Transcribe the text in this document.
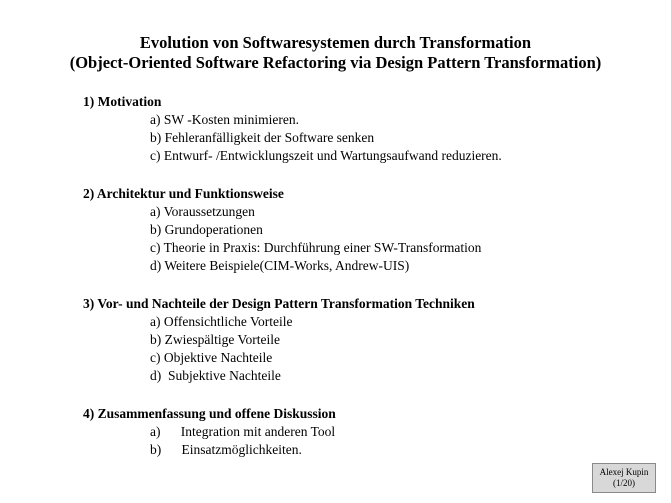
Evolution von Softwaresystemen durch Transformation
(Object-Oriented Software Refactoring via Design Pattern Transformation)
1) Motivation
a) SW -Kosten minimieren.
b) Fehleranfälligkeit der Software senken
c) Entwurf- /Entwicklungszeit und Wartungsaufwand reduzieren.
2) Architektur und Funktionsweise
a) Voraussetzungen
b) Grundoperationen
c) Theorie in Praxis: Durchführung einer SW-Transformation
d) Weitere Beispiele(CIM-Works, Andrew-UIS)
3) Vor- und Nachteile der Design Pattern Transformation Techniken
a) Offensichtliche Vorteile
b) Zwiespältige Vorteile
c) Objektive Nachteile
d)  Subjektive Nachteile
4) Zusammenfassung und offene Diskussion
a)      Integration mit anderen Tool
b)      Einsatzmöglichkeiten.
Alexej Kupin
(1/20)
